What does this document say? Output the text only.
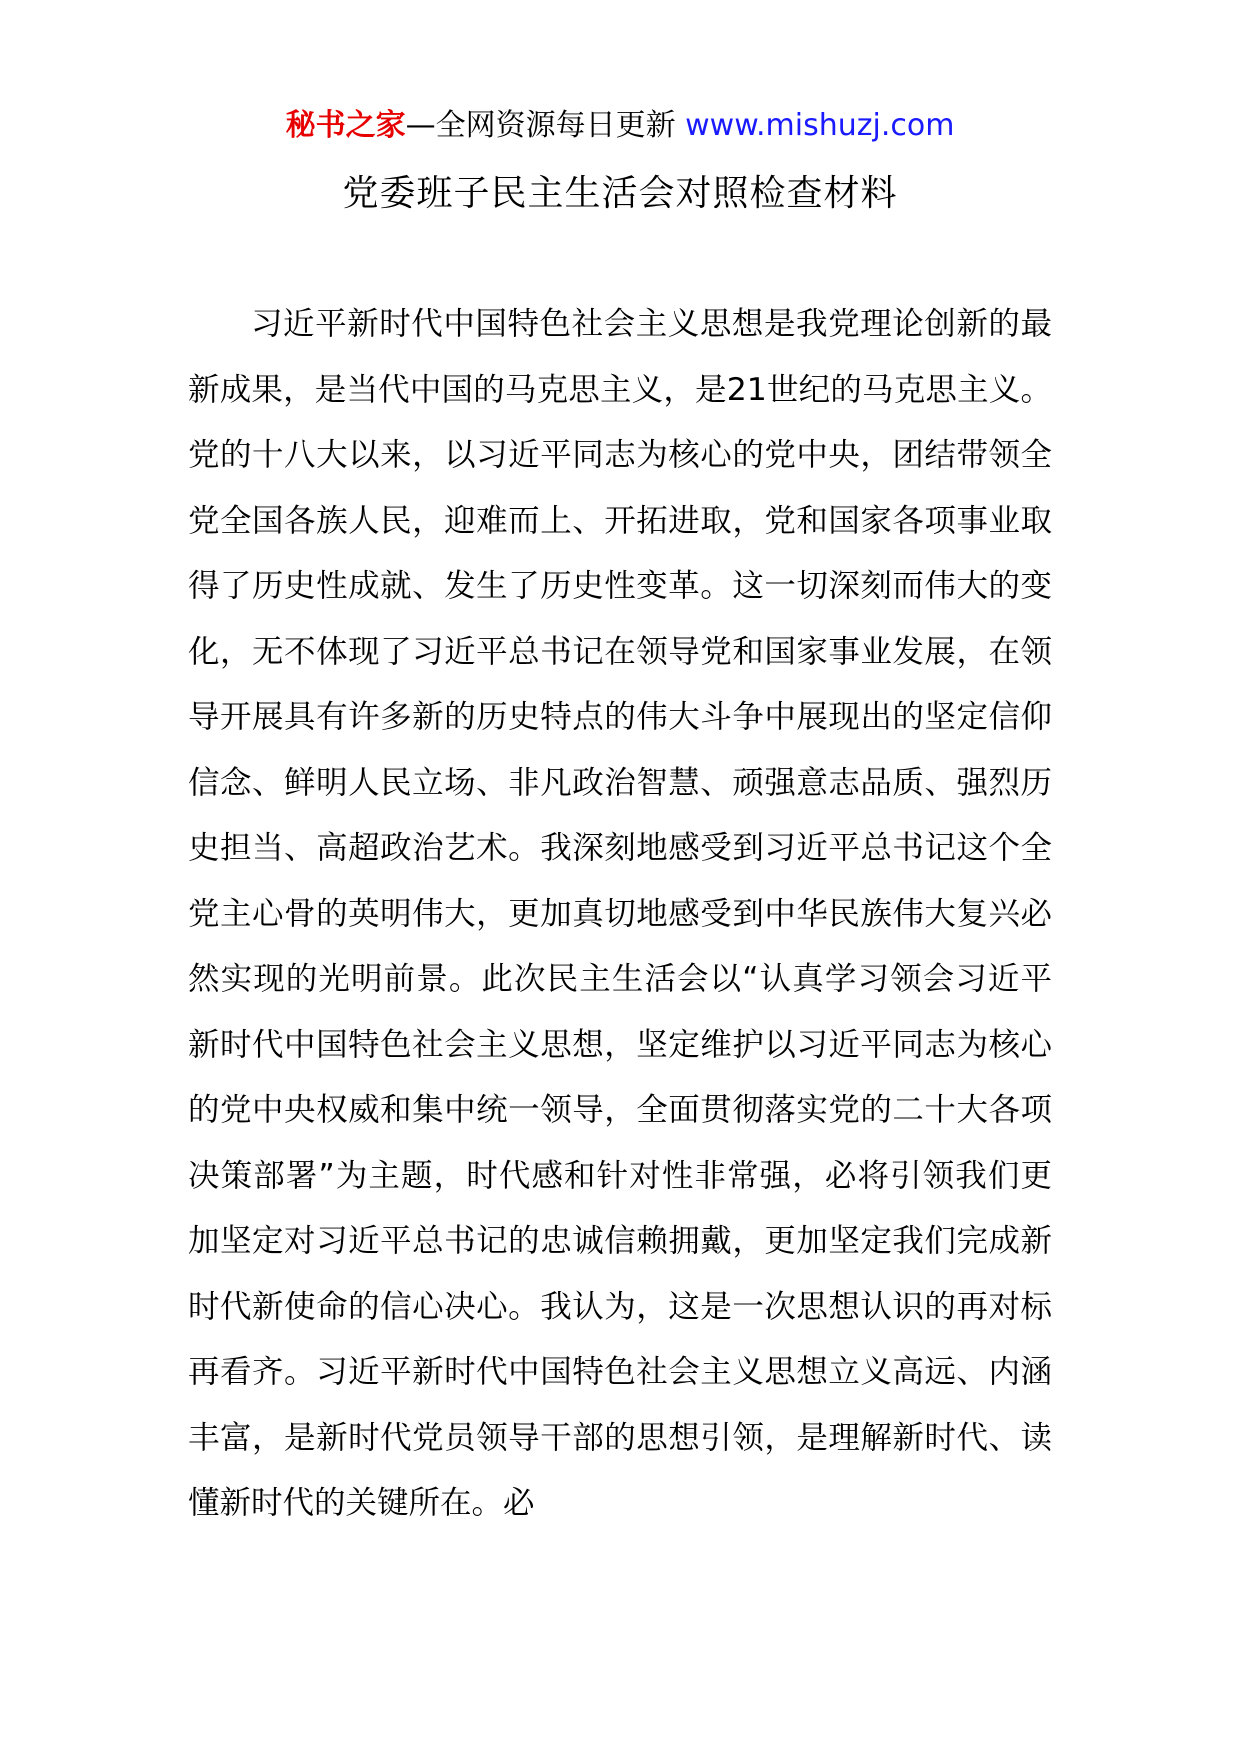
秘书之家—全网资源每日更新 www.mishuzj.com
党委班子民主生活会对照检查材料

习近平新时代中国特色社会主义思想是我党理论创新的最新成果，是当代中国的马克思主义，是21世纪的马克思主义。党的十八大以来，以习近平同志为核心的党中央，团结带领全党全国各族人民，迎难而上、开拓进取，党和国家各项事业取得了历史性成就、发生了历史性变革。这一切深刻而伟大的变化，无不体现了习近平总书记在领导党和国家事业发展，在领导开展具有许多新的历史特点的伟大斗争中展现出的坚定信仰信念、鲜明人民立场、非凡政治智慧、顽强意志品质、强烈历史担当、高超政治艺术。我深刻地感受到习近平总书记这个全党主心骨的英明伟大，更加真切地感受到中华民族伟大复兴必然实现的光明前景。此次民主生活会以“认真学习领会习近平新时代中国特色社会主义思想，坚定维护以习近平同志为核心的党中央权威和集中统一领导，全面贯彻落实党的二十大各项决策部署”为主题，时代感和针对性非常强，必将引领我们更加坚定对习近平总书记的忠诚信赖拥戴，更加坚定我们完成新时代新使命的信心决心。我认为，这是一次思想认识的再对标再看齐。习近平新时代中国特色社会主义思想立义高远、内涵丰富，是新时代党员领导干部的思想引领，是理解新时代、读懂新时代的关键所在。必
